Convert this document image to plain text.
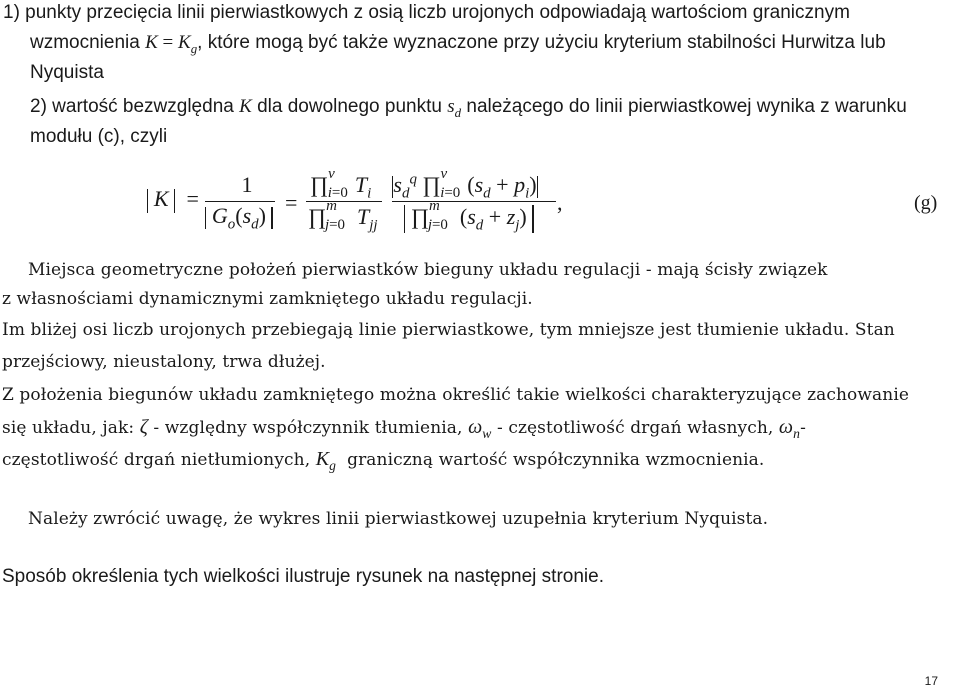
1) punkty przecięcia linii pierwiastkowych z osią liczb urojonych odpowiadają wartościom granicznym
wzmocnienia $K = K_g$, które mogą być także wyznaczone przy użyciu kryterium stabilności Hurwitza lub
Nyquista
2) wartość bezwzględna K dla dowolnego punktu $s_d$ należącego do linii pierwiastkowej wynika z warunku
modułu (c), czyli
K   =
1
$G_o(s_d)$
=
∏$^v_{i=0}$ $T_i$
∏$^m_{j=0}$ $T_{jj}$
$s_d^q$ ∏$^v_{i=0}$ $(s_d + p_i)$
∏$^m_{j=0}$ $(s_d + z_j)$
,	(g)
Miejsca geometryczne położeń pierwiastków bieguny układu regulacji - mają ścisły związek
z własnościami dynamicznymi zamkniętego układu regulacji.
Im bliżej osi liczb urojonych przebiegają linie pierwiastkowe, tym mniejsze jest tłumienie układu. Stan
przejściowy, nieustalony, trwa dłużej.
Z położenia biegunów układu zamkniętego można określić takie wielkości charakteryzujące zachowanie
się układu, jak: ζ - względny współczynnik tłumienia, $\omega_w$ - częstotliwość drgań własnych, $\omega_n-$
częstotliwość drgań nietłumionych, $K_g$  graniczną wartość współczynnika wzmocnienia.
Należy zwrócić uwagę, że wykres linii pierwiastkowej uzupełnia kryterium Nyquista.
Sposób określenia tych wielkości ilustruje rysunek na następnej stronie.
17
